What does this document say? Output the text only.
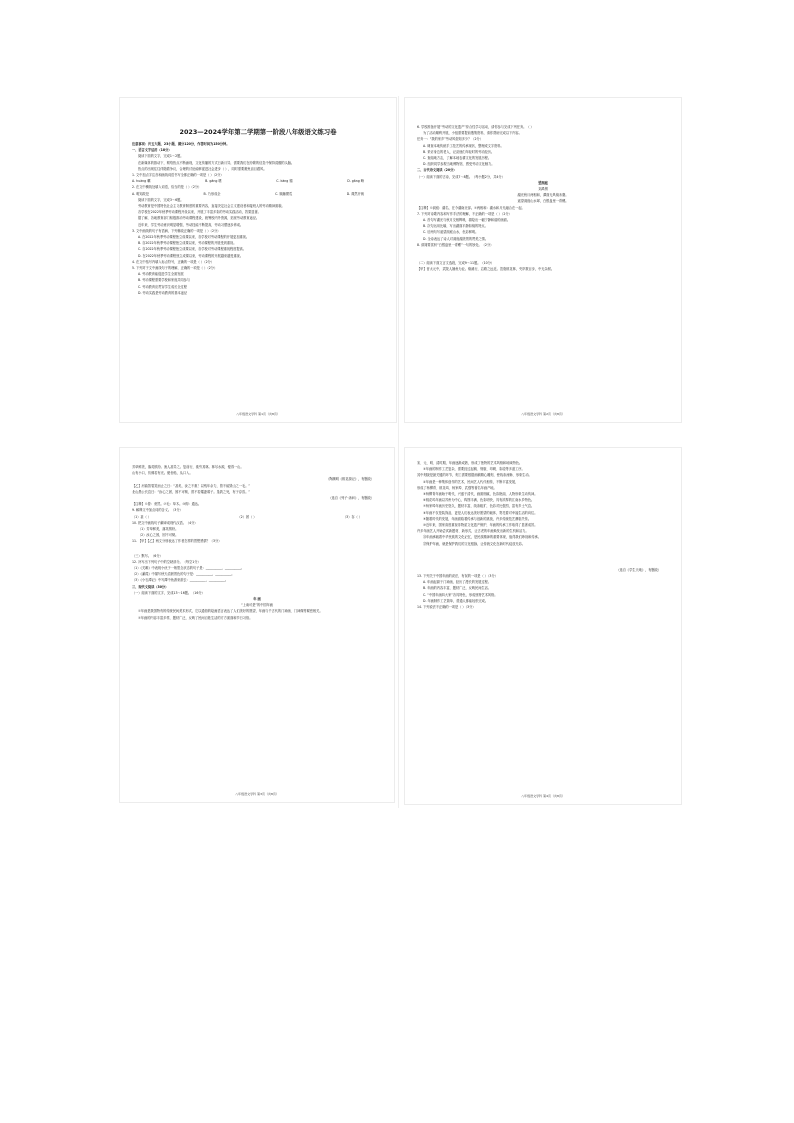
2023—2024学年第二学期第一阶段八年级语文练习卷

注意事项：共五大题，23小题，满分120分，作答时间为150分钟。

一、语言文字运用（18分）

阅读下面的文字，完成1～2题。

在新媒体的推动下，网络热点不断涌现，文化传播的方式日新月异，需要我们在纷繁的信息中保持清醒的头脑。

热点的出现往往伴随着争议，合理的讨论能够促进社会进步（ ），同时需要避免盲目跟风。

1. 文中加点字注音和画线词语书写全都正确的一项是（ ）（2分）

A. huàng 瞩	B. gǎng 嗜	C. kàng 循	D. gāng 畴

2. 在文中横线处填入词语，恰当的是（ ）（2分）

A. 明知故犯	B. 乃形成全	C. 顺藤摸瓜	D. 蔑然开朗

阅读下面的文字，完成3～6题。

劳动教育是中国特色社会主义教育制度的重要内容，直接决定社会主义建设者和接班人的劳动精神面貌。

各学校在2022年秋季劳动课程开设以来，开展了丰富多彩的劳动实践活动，效果显著。

据了解，各地教育部门积极推动劳动课程建设，统筹校内外资源，拓宽劳动教育途径。

近年来，学生劳动意识明显增强，劳动技能不断提高，劳动习惯逐步养成。

3. 文中画线的句子有语病，下列修改正确的一项是（ ）（2分）

A. 在2022年秋季劳动课程独立成课以来，各学校对劳动课程的开展更加重视。

B. 自2022年秋季劳动课程独立成课以来，劳动课程的开展受到重视。

C. 自2022年秋季劳动课程独立成课以来，各学校对劳动课程重视程度提高。

D. 在2022年秋季劳动课程独立成课以来，劳动课程的开展越来越受重视。

4. 在文中括号内填入标点符号，正确的一项是（ ）（2分）

5. 下列对于文中画线句子的理解，正确的一项是（ ）（2分）

A. 劳动教育能促进学生全面发展

B. 劳动课程需要学校和家庭共同参与

C. 劳动教育应贯穿学生成长全过程

D. 劳动实践是劳动教育的基本途径

八年级语文学科 第1页（共8页）

6. 学校准备开展“劳动的文化遗产”综合性学习活动，请你参与完成下列任务。（ ）

为了活动顺利开展，小组需要提前搜集资料，请你帮助完成以下内容。

任务一：“我的家乡”劳动风俗知多少？（2分）

A. 调查本地传统手工技艺的传承现状，整理成文字资料。

B. 采访身边的老人，记录他们年轻时的劳动经历。

C. 查阅地方志，了解本地农耕文化的发展历程。

D. 组织同学参观当地博物馆，感受劳动文化魅力。

二、古代诗文阅读（20分）

（一）阅读下面的古诗，完成7～8题。（每小题2分，共4分）

望洞庭

刘禹锡

湖光秋月两相和，潭面无风镜未磨。

遥望洞庭山水翠，白银盘里一青螺。

【注释】①洞庭：湖名，在今湖南北部。②两相和：湖水和月光融合在一起。

7. 下列对诗歌内容和写作手法的理解，不正确的一项是（ ）（2分）

A. 首句写湖光与秋月交相辉映，描绘出一幅宁静和谐的画面。

B. 次句运用比喻，写出湖面平静如镜的特点。

C. 后两句写遥望洞庭山水，色彩鲜明。

D. 全诗表达了诗人对洞庭湖美景的赞美之情。

8. 请简要赏析“白银盘里一青螺”一句的妙处。（2分）

（二）阅读下面文言文选段，完成9～11题。（10分）

【甲】晋太元中，武陵人捕鱼为业。缘溪行，忘路之远近。忽逢桃花林，夹岸数百步，中无杂树。

八年级语文学科 第2页（共8页）

芳草鲜美，落英缤纷。渔人甚异之。复前行，欲穷其林。林尽水源，便得一山。

山有小口，仿佛若有光。便舍船，从口入。

（陶渊明《桃花源记》，有删改）

【乙】河曲智叟笑而止之曰：“甚矣，汝之不惠！以残年余力，曾不能毁山之一毛。”

北山愚公长息曰：“汝心之固，固不可彻，曾不若孀妻弱子。虽我之死，有子存焉。”

（选自《列子·汤问》，有删改）

【注释】①曾：竟然。②毛：草木。③彻：通达。

9. 解释文中加点词的含义。（3分）

（1）甚（ ）	（2）固（ ）	（3）存（ ）

10. 把文中画线句子翻译成现代汉语。（4分）

（1）芳草鲜美，落英缤纷。

（2）汝心之固，固不可彻。

11. 【甲】【乙】两文分别表达了作者怎样的思想感情？（3分）

（三）默写。（6分）

12. 补写出下列句子中的空缺部分。（每空1分）

（1）《关雎》中表现小伙子一般思念状态的句子是：__________，__________。

（2）《蒹葭》中描写秋天清晨景色的句子是：__________，__________。

（3）《小石潭记》中写潭中鱼游来游去：__________，__________。

三、现代文阅读（30分）

（一）阅读下面的文字，完成13～16题。（16分）

年 画

“上南可是”的中国年画

①年画是我国特有的传统民间美术形式，它以通俗的绘画语言表达了人们美好的愿望，年画与千古代的门神画、门神像等紧密相关。

②年画的内容丰富多样，题材广泛，反映了民间百姓生活的方方面面和节日习俗。

八年级语文学科 第3页（共8页）

宋、元、明、清时期，年画逐渐成熟，形成了独特的艺术风格和地域特色。

③年画的制作工艺复杂，需要经过起稿、刻版、印刷、彩绘等多道工序。

其中刻版是最关键的环节，刻工需要根据画稿精心雕刻，使线条流畅、形象生动。

④年画是一种集体创作的艺术，民间艺人代代相传，不断丰富发展，

形成了杨柳青、桃花坞、杨家埠、武强等著名年画产地。

⑤杨柳青年画始于明代，兴盛于清代，画面细腻，色彩艳丽，人物形象生动传神。

⑥桃花坞年画以苏州为中心，构图丰满，色彩明快，具有浓厚的江南水乡特色。

⑦杨家埠年画历史悠久，题材丰富，线条粗犷，色彩对比强烈，富有乡土气息。

⑧年画不仅是装饰品，更是人们表达美好愿望的载体，寄托着对幸福生活的向往。

⑨随着时代的发展，年画面临着传承与创新的挑战，许多传统技艺濒临失传。

⑩近年来，国家高度重视非物质文化遗产保护，年画的传承工作取得了显著成效。

许多年画艺人开始尝试新题材、新形式，让古老的年画焕发出新的生机和活力。

⑪年画承载着中华民族的文化记忆，是民族精神的重要体现，值得我们珍视和传承。

⑫保护年画，就是保护我们的文化根脉，让传统文化在新时代绽放光彩。

（选自《学生天地》，有删改）

13. 下列关于中国年画的说法，有误的一项是（ ）（3分）

A. 年画起源于门神画，经历了漫长的发展过程。

B. 年画的内容丰富，题材广泛，反映民间生活。

C. “中国年画四大家”各具特色，形成独特艺术风格。

D. 年画制作工艺简单，普通人都能轻松完成。

14. 下列说法不正确的一项是（ ）（3分）

八年级语文学科 第4页（共8页）
